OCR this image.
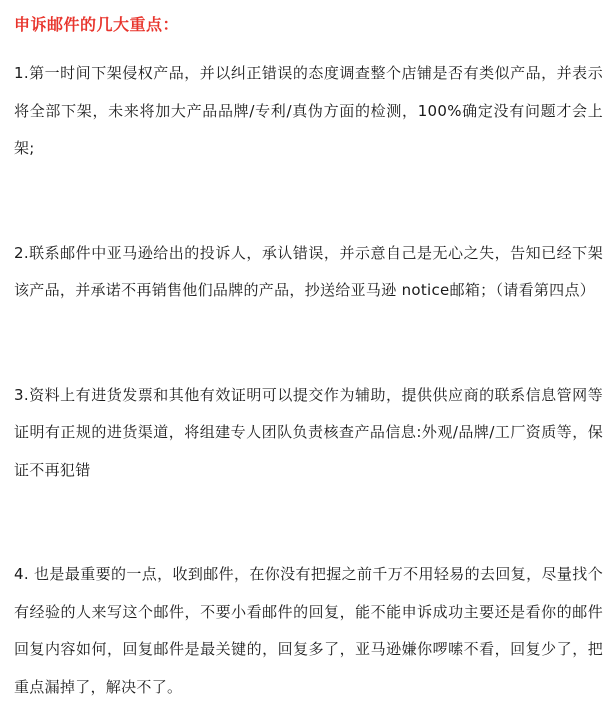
申诉邮件的几大重点：

1.第一时间下架侵权产品，并以纠正错误的态度调查整个店铺是否有类似产品，并表示将全部下架，未来将加大产品品牌/专利/真伪方面的检测，100%确定没有问题才会上架;

2.联系邮件中亚马逊给出的投诉人，承认错误，并示意自己是无心之失，告知已经下架该产品，并承诺不再销售他们品牌的产品，抄送给亚马逊 notice邮箱；（请看第四点）

3.资料上有进货发票和其他有效证明可以提交作为辅助，提供供应商的联系信息管网等证明有正规的进货渠道，将组建专人团队负责核查产品信息:外观/品牌/工厂资质等，保证不再犯错

4. 也是最重要的一点，收到邮件，在你没有把握之前千万不用轻易的去回复，尽量找个有经验的人来写这个邮件，不要小看邮件的回复，能不能申诉成功主要还是看你的邮件回复内容如何，回复邮件是最关键的，回复多了，亚马逊嫌你啰嗦不看，回复少了，把重点漏掉了，解决不了。
